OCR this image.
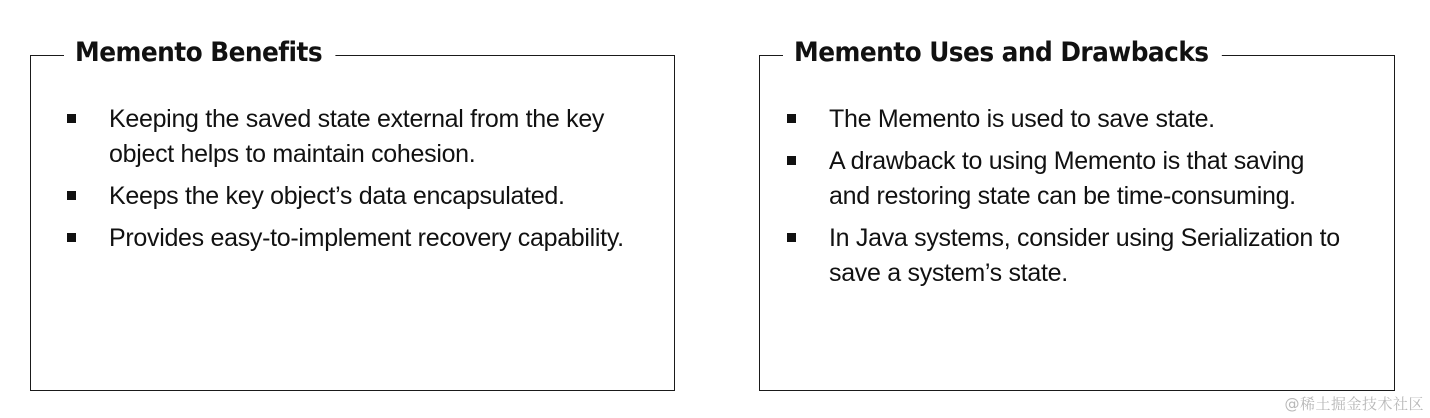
Memento Benefits
Keeping the saved state external from the key object helps to maintain cohesion.
Keeps the key object’s data encapsulated.
Provides easy-to-implement recovery capability.
Memento Uses and Drawbacks
The Memento is used to save state.
A drawback to using Memento is that saving and restoring state can be time-consuming.
In Java systems, consider using Serialization to save a system’s state.
@稀土掘金技术社区
